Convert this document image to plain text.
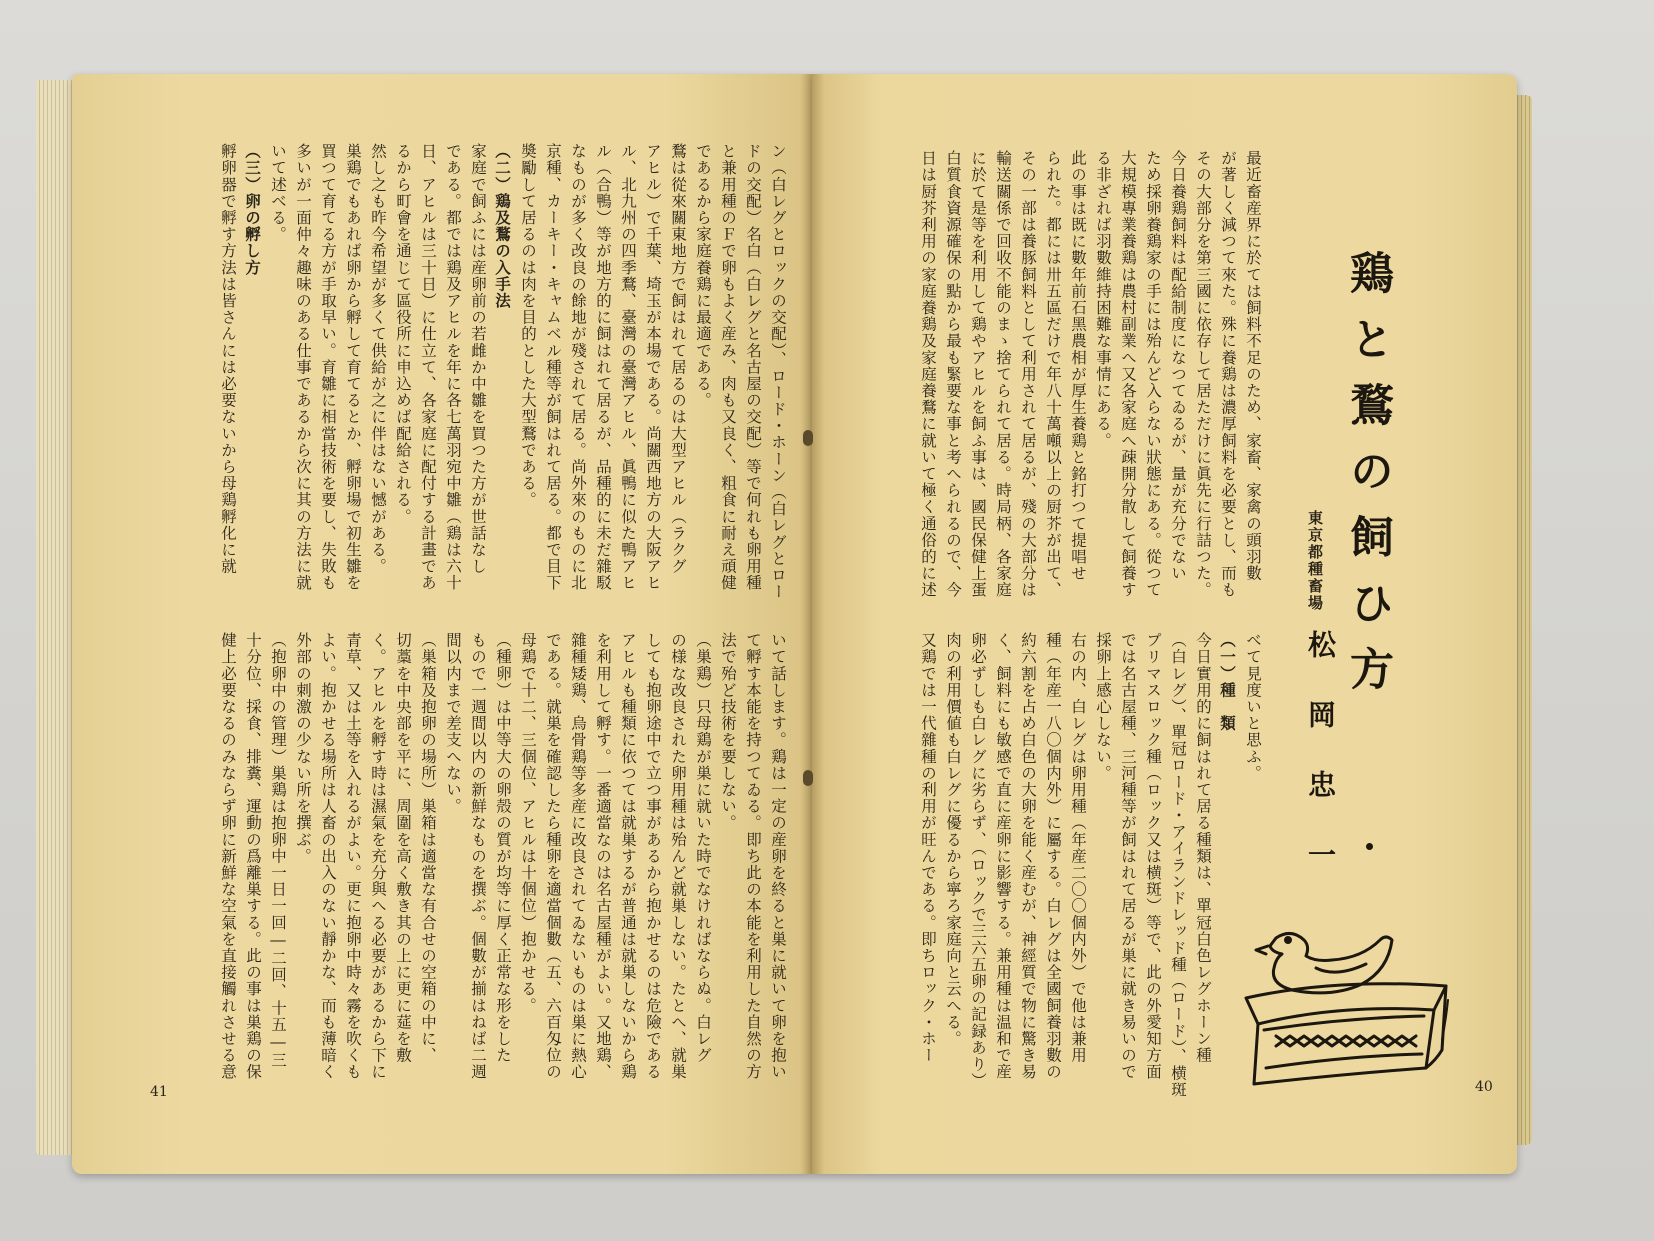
ン（白レグとロックの交配）、ロード・ホーン（白レグとロー

ドの交配）名白（白レグと名古屋の交配）等で何れも卵用種

と兼用種のＦで卵もよく産み、肉も又良く、粗食に耐え頑健

であるから家庭養鶏に最適である。

鶩は從來關東地方で飼はれて居るのは大型アヒル（ラクグ

アヒル）で千葉、埼玉が本場である。尚關西地方の大阪アヒ

ル、北九州の四季鶩、臺灣の臺灣アヒル、眞鴨に似た鴨アヒ

ル（合鴨）等が地方的に飼はれて居るが、品種的に未だ雜駁

なものが多く改良の餘地が殘されて居る。尚外來のものに北

京種、カーキー・キャムベル種等が飼はれて居る。都で目下

奬勵して居るのは肉を目的とした大型鶩である。

（二）鶏及鶩の入手法

家庭で飼ふには産卵前の若雌か中雛を買つた方が世話なし

である。都では鶏及アヒルを年に各七萬羽宛中雛（鶏は六十

日、アヒルは三十日）に仕立て、各家庭に配付する計畫であ

るから町會を通じて區役所に申込めば配給される。

然し之も昨今希望が多くて供給が之に伴はない憾がある。

巣鶏でもあれば卵から孵して育てるとか、孵卵場で初生雛を

買つて育てる方が手取早い。育雛に相當技術を要し、失敗も

多いが一面仲々趣味のある仕事であるから次に其の方法に就

いて述べる。

（三）卵の孵し方

孵卵器で孵す方法は皆さんには必要ないから母鶏孵化に就

いて話します。鶏は一定の産卵を終ると巣に就いて卵を抱い

て孵す本能を持つてゐる。即ち此の本能を利用した自然の方

法で殆ど技術を要しない。

（巣鶏）只母鶏が巣に就いた時でなければならぬ。白レグ

の様な改良された卵用種は殆んど就巣しない。たとへ、就巣

しても抱卵途中で立つ事があるから抱かせるのは危險である

アヒルも種類に依つては就巣するが普通は就巣しないから鶏

を利用して孵す。一番適當なのは名古屋種がよい。又地鶏、

雜種矮鶏、烏骨鶏等多産に改良されてゐないものは巣に熱心

である。就巣を確認したら種卵を適當個數（五、六百匁位の

母鶏で十二、三個位、アヒルは十個位）抱かせる。

（種卵）は中等大の卵殻の質が均等に厚く正常な形をした

もので一週間以内の新鮮なものを撰ぶ。個數が揃はねば二週

間以内まで差支へない。

（巣箱及抱卵の場所）巣箱は適當な有合せの空箱の中に、

切藁を中央部を平に、周圍を高く敷き其の上に更に莚を敷

く。アヒルを孵す時は濕氣を充分與へる必要があるから下に

青草、又は土等を入れるがよい。更に抱卵中時々霧を吹くも

よい。抱かせる場所は人畜の出入のない靜かな、而も薄暗く

外部の刺激の少ない所を撰ぶ。

（抱卵中の管理）巣鶏は抱卵中一日一回―二回、十五―三

十分位、採食、排糞、運動の爲離巣する。此の事は巣鶏の保

健上必要なるのみならず卵に新鮮な空氣を直接觸れさせる意

41

最近畜産界に於ては飼料不足のため、家畜、家禽の頭羽數

が著しく減つて來た。殊に養鶏は濃厚飼料を必要とし、而も

その大部分を第三國に依存して居ただけに眞先に行詰つた。

今日養鶏飼料は配給制度になつてゐるが、量が充分でない

ため採卵養鶏家の手には殆んど入らない狀態にある。從つて

大規模專業養鶏は農村副業へ又各家庭へ疎開分散して飼養す

る非ざれば羽數維持困難な事情にある。

此の事は既に數年前石黑農相が厚生養鶏と銘打つて提唱せ

られた。都には卅五區だけで年八十萬噸以上の厨芥が出て、

その一部は養豚飼料として利用されて居るが、殘の大部分は

輸送關係で回收不能のまゝ捨てられて居る。時局柄、各家庭

に於て是等を利用して鶏やアヒルを飼ふ事は、國民保健上蛋

白質食資源確保の點から最も緊要な事と考へられるので、今

日は厨芥利用の家庭養鶏及家庭養鶩に就いて極く通俗的に述

べて見度いと思ふ。

（一）種　類

今日實用的に飼はれて居る種類は、單冠白色レグホーン種

（白レグ）、單冠ロード・アイランドレッド種（ロード）、横斑

プリマスロック種（ロック又は横斑）等で、此の外愛知方面

では名古屋種、三河種等が飼はれて居るが巣に就き易いので

採卵上感心しない。

右の内、白レグは卵用種（年産二〇〇個内外）で他は兼用

種（年産一八〇個内外）に屬する。白レグは全國飼養羽數の

約六割を占め白色の大卵を能く産むが、神經質で物に驚き易

く、飼料にも敏感で直に産卵に影響する。兼用種は温和で産

卵必ずしも白レグに劣らず、（ロックで三六五卵の記録あり）

肉の利用價値も白レグに優るから寧ろ家庭向と云へる。

又鶏では一代雜種の利用が旺んである。即ちロック・ホー

鶏と鶩の飼ひ方
東京都種畜場
松岡忠一
40
